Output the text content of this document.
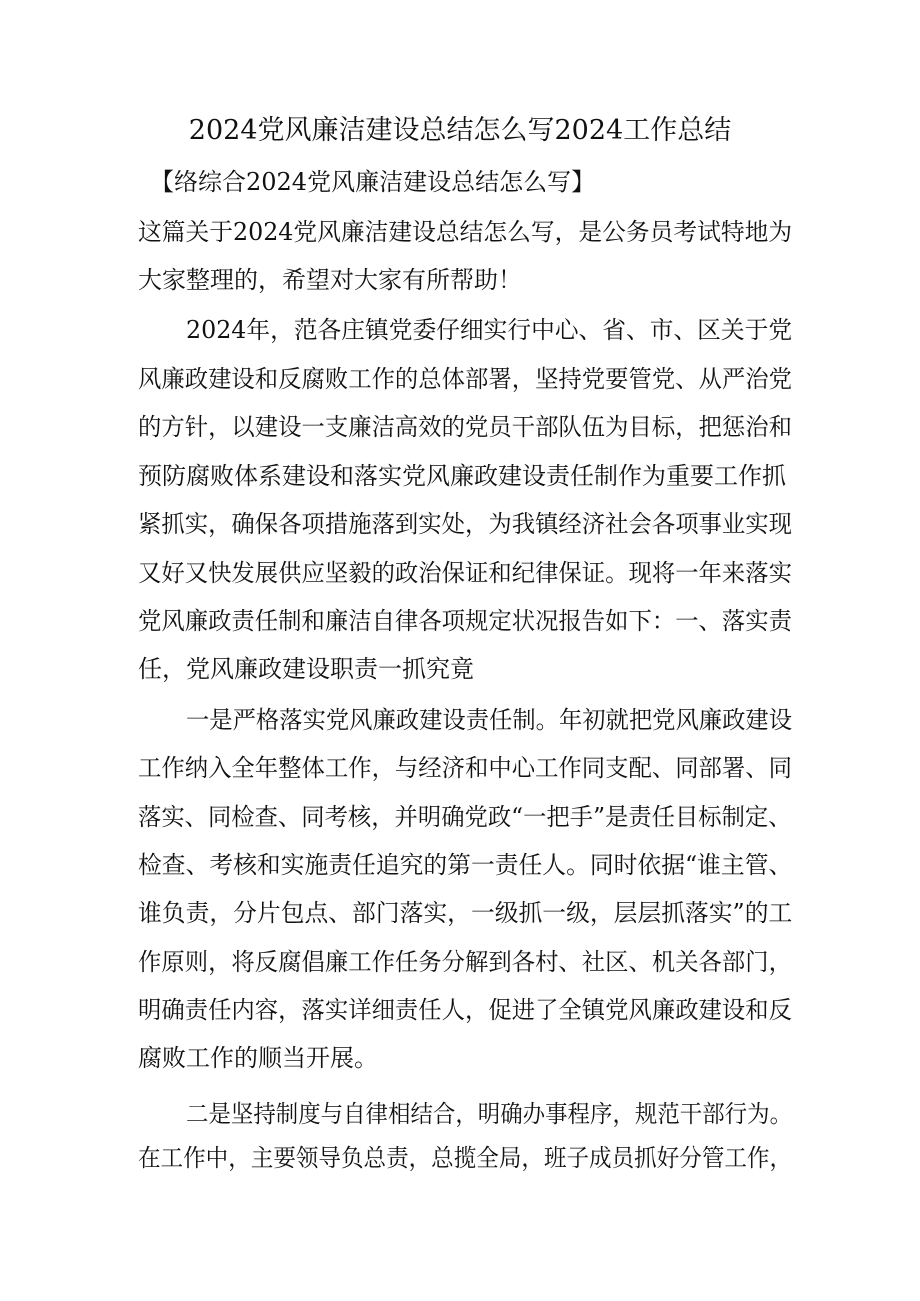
2024党风廉洁建设总结怎么写2024工作总结
【络综合2024党风廉洁建设总结怎么写】
这篇关于2024党风廉洁建设总结怎么写，是公务员考试特地为
大家整理的，希望对大家有所帮助！
2024年，范各庄镇党委仔细实行中心、省、市、区关于党
风廉政建设和反腐败工作的总体部署，坚持党要管党、从严治党
的方针，以建设一支廉洁高效的党员干部队伍为目标，把惩治和
预防腐败体系建设和落实党风廉政建设责任制作为重要工作抓
紧抓实，确保各项措施落到实处，为我镇经济社会各项事业实现
又好又快发展供应坚毅的政治保证和纪律保证。现将一年来落实
党风廉政责任制和廉洁自律各项规定状况报告如下：一、落实责
任，党风廉政建设职责一抓究竟
一是严格落实党风廉政建设责任制。年初就把党风廉政建设
工作纳入全年整体工作，与经济和中心工作同支配、同部署、同
落实、同检查、同考核，并明确党政“一把手”是责任目标制定、
检查、考核和实施责任追究的第一责任人。同时依据“谁主管、
谁负责，分片包点、部门落实，一级抓一级，层层抓落实”的工
作原则，将反腐倡廉工作任务分解到各村、社区、机关各部门，
明确责任内容，落实详细责任人，促进了全镇党风廉政建设和反
腐败工作的顺当开展。
二是坚持制度与自律相结合，明确办事程序，规范干部行为。
在工作中，主要领导负总责，总揽全局，班子成员抓好分管工作，
